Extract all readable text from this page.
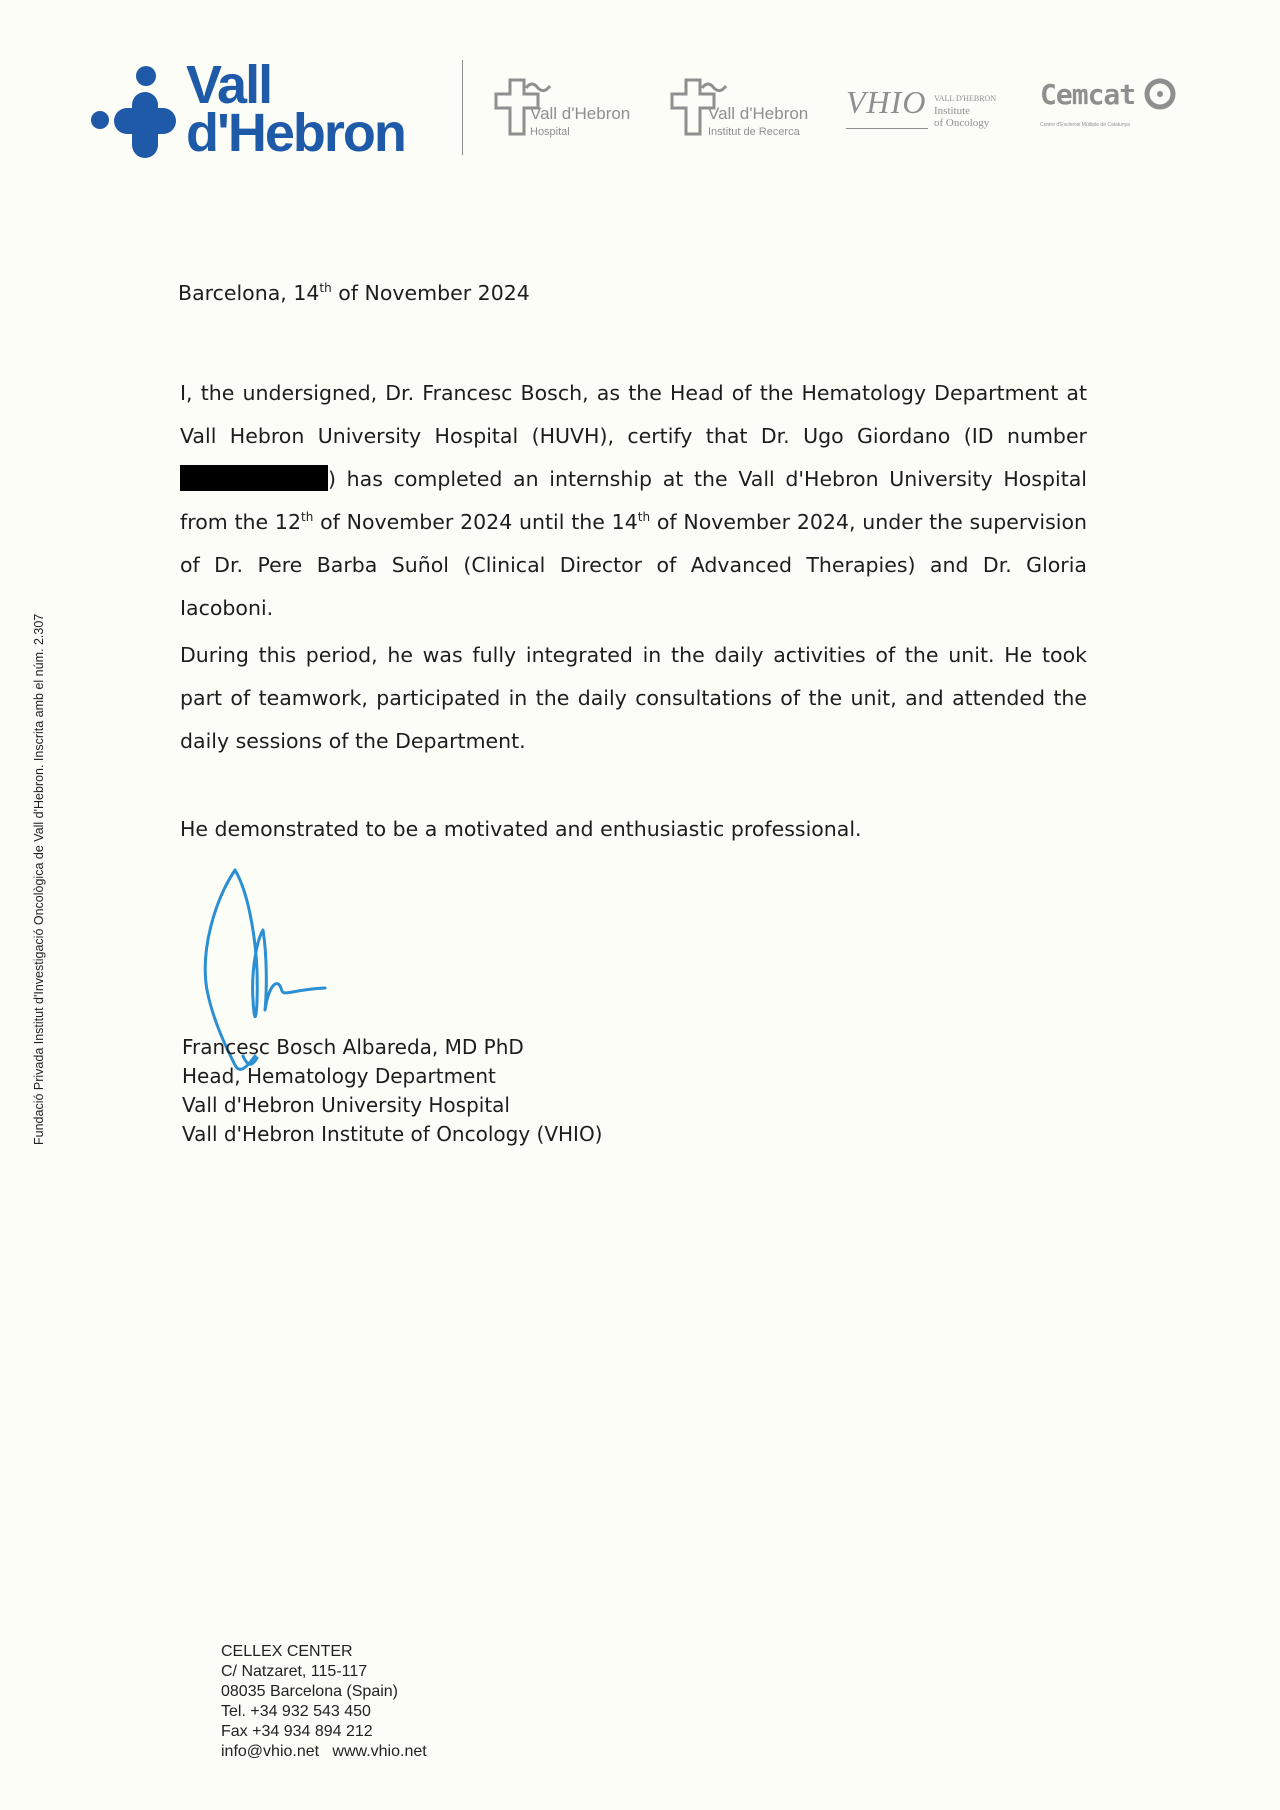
Vall
d'Hebron	Vall d'Hebron
Hospital
Vall d'Hebron
Institut de Recerca
VHIO VALL D'HEBRON
Institute
of Oncology
Cemcat
Centre d'Esclerosi Múltiple de Catalunya
Fundació Privada Institut d'Investigació Oncològica de Vall d'Hebron. Inscrita amb el núm. 2.307
Barcelona, 14th of November 2024
I, the undersigned, Dr. Francesc Bosch, as the Head of the Hematology Department at Vall Hebron University Hospital (HUVH), certify that Dr. Ugo Giordano (ID number) has completed an internship at the Vall d'Hebron University Hospital from the 12th of November 2024 until the 14th of November 2024, under the supervision of Dr. Pere Barba Suñol (Clinical Director of Advanced Therapies) and Dr. Gloria Iacoboni.
During this period, he was fully integrated in the daily activities of the unit. He took part of teamwork, participated in the daily consultations of the unit, and attended the daily sessions of the Department.
He demonstrated to be a motivated and enthusiastic professional.
Francesc Bosch Albareda, MD PhD
Head, Hematology Department
Vall d'Hebron University Hospital
Vall d'Hebron Institute of Oncology (VHIO)
CELLEX CENTER
C/ Natzaret, 115-117
08035 Barcelona (Spain)
Tel. +34 932 543 450
Fax +34 934 894 212
info@vhio.net www.vhio.net
